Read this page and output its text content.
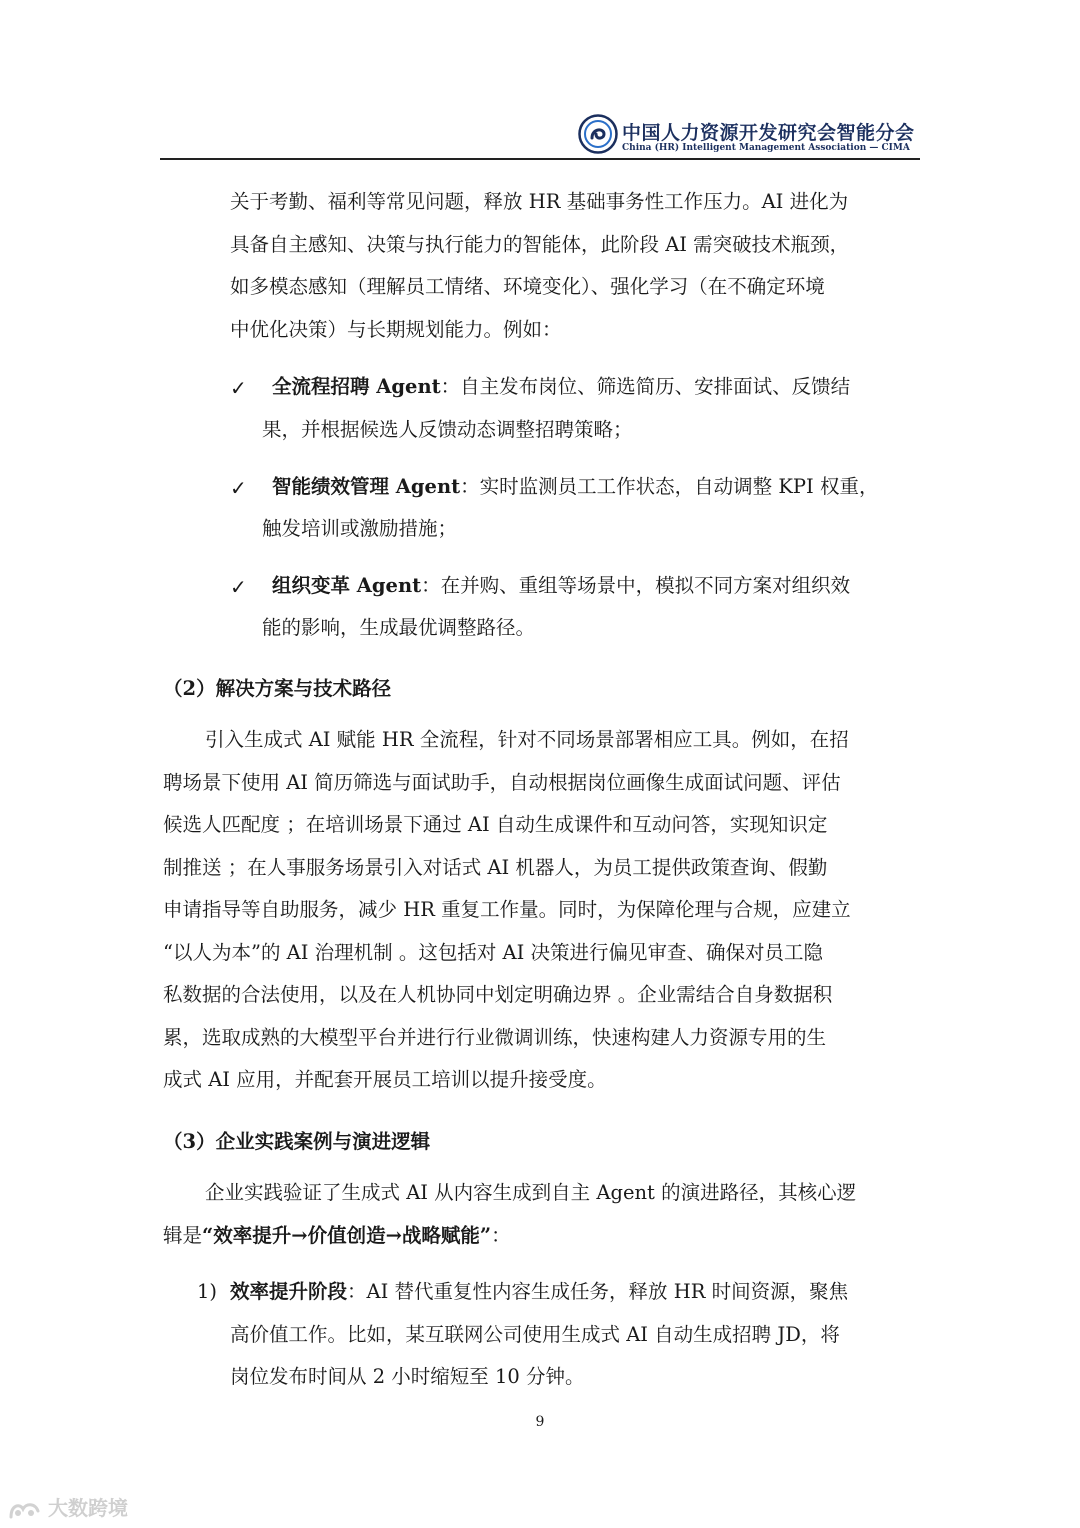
中国人力资源开发研究会智能分会
China (HR) Intelligent Management Association — CIMA
关于考勤、福利等常见问题，释放 HR 基础事务性工作压力。AI 进化为
具备自主感知、决策与执行能力的智能体，此阶段 AI 需突破技术瓶颈，
如多模态感知（理解员工情绪、环境变化）、强化学习（在不确定环境
中优化决策）与长期规划能力。例如：
✓ 全流程招聘 Agent：自主发布岗位、筛选简历、安排面试、反馈结
果，并根据候选人反馈动态调整招聘策略；
✓ 智能绩效管理 Agent：实时监测员工工作状态，自动调整 KPI 权重，
触发培训或激励措施；
✓ 组织变革 Agent：在并购、重组等场景中，模拟不同方案对组织效
能的影响，生成最优调整路径。
（2）解决方案与技术路径
引入生成式 AI 赋能 HR 全流程，针对不同场景部署相应工具。例如，在招
聘场景下使用 AI 简历筛选与面试助手，自动根据岗位画像生成面试问题、评估
候选人匹配度 ；在培训场景下通过 AI 自动生成课件和互动问答，实现知识定
制推送 ；在人事服务场景引入对话式 AI 机器人，为员工提供政策查询、假勤
申请指导等自助服务，减少 HR 重复工作量。同时，为保障伦理与合规，应建立
“以人为本”的 AI 治理机制 。这包括对 AI 决策进行偏见审查、确保对员工隐
私数据的合法使用，以及在人机协同中划定明确边界 。企业需结合自身数据积
累，选取成熟的大模型平台并进行行业微调训练，快速构建人力资源专用的生
成式 AI 应用，并配套开展员工培训以提升接受度。
（3）企业实践案例与演进逻辑
企业实践验证了生成式 AI 从内容生成到自主 Agent 的演进路径，其核心逻
辑是“效率提升→价值创造→战略赋能”：
1) 效率提升阶段：AI 替代重复性内容生成任务，释放 HR 时间资源，聚焦
高价值工作。比如，某互联网公司使用生成式 AI 自动生成招聘 JD，将
岗位发布时间从 2 小时缩短至 10 分钟。
9
大数跨境
